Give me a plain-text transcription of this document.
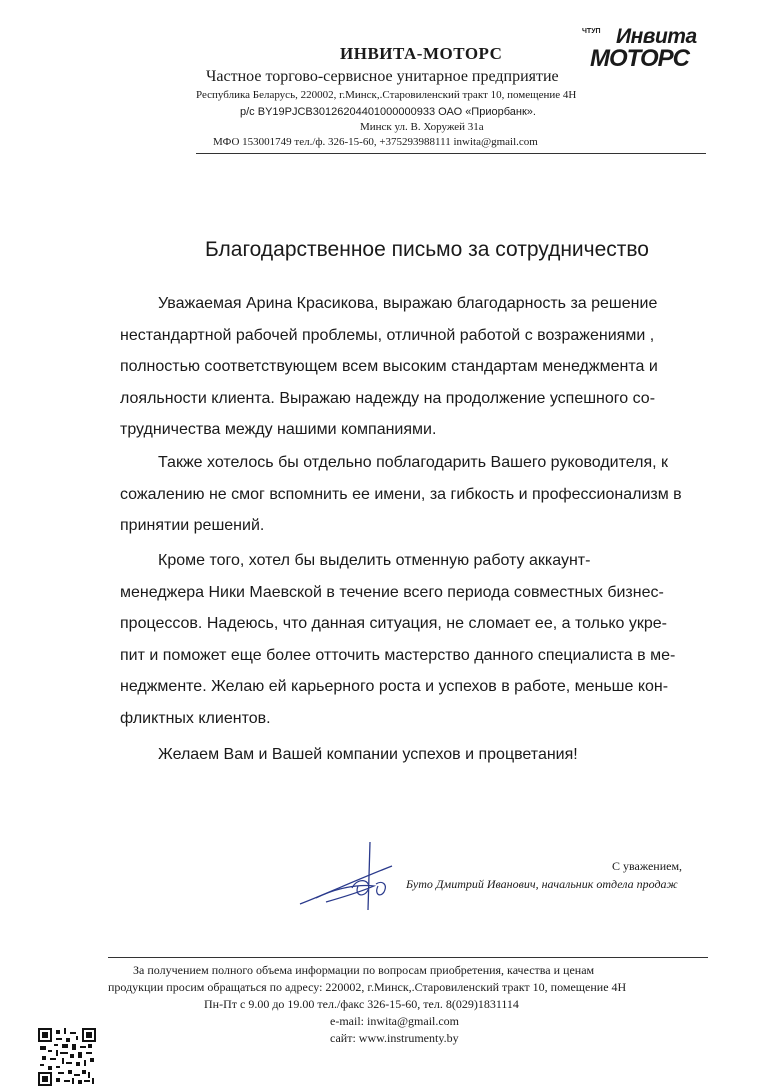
ИНВИТА-МОТОРС
ЧТУП Инвита
МОТОРС
Частное торгово-сервисное унитарное предприятие
Республика Беларусь, 220002, г.Минск,.Старовиленский тракт 10, помещение 4Н
р/с BY19PJCB30126204401000000933 ОАО «Приорбанк».
Минск ул. В. Хоружей 31а
МФО 153001749 тел./ф. 326-15-60, +375293988111 inwita@gmail.com
Благодарственное письмо за сотрудничество
Уважаемая Арина Красикова, выражаю благодарность за решение
нестандартной рабочей проблемы, отличной работой с возражениями ,
полностью соответствующем всем высоким стандартам менеджмента и
лояльности клиента. Выражаю надежду на продолжение успешного со-
трудничества между нашими компаниями.
Также хотелось бы отдельно поблагодарить Вашего руководителя, к
сожалению не смог вспомнить ее имени, за гибкость и профессионализм в
принятии решений.
Кроме того, хотел бы выделить отменную работу аккаунт-
менеджера Ники Маевской в течение всего периода совместных бизнес-
процессов. Надеюсь, что данная ситуация, не сломает ее, а только укре-
пит и поможет еще более отточить мастерство данного специалиста в ме-
неджменте. Желаю ей карьерного роста и успехов в работе, меньше кон-
фликтных клиентов.
Желаем Вам и Вашей компании успехов и процветания!
С уважением,
Буто Дмитрий Иванович, начальник отдела продаж
За получением полного объема информации по вопросам приобретения, качества и ценам
продукции просим обращаться по адресу: 220002, г.Минск,.Старовиленский тракт 10, помещение 4Н
Пн-Пт с 9.00 до 19.00 тел./факс 326-15-60, тел. 8(029)1831114
e-mail: inwita@gmail.com
сайт: www.instrumenty.by
